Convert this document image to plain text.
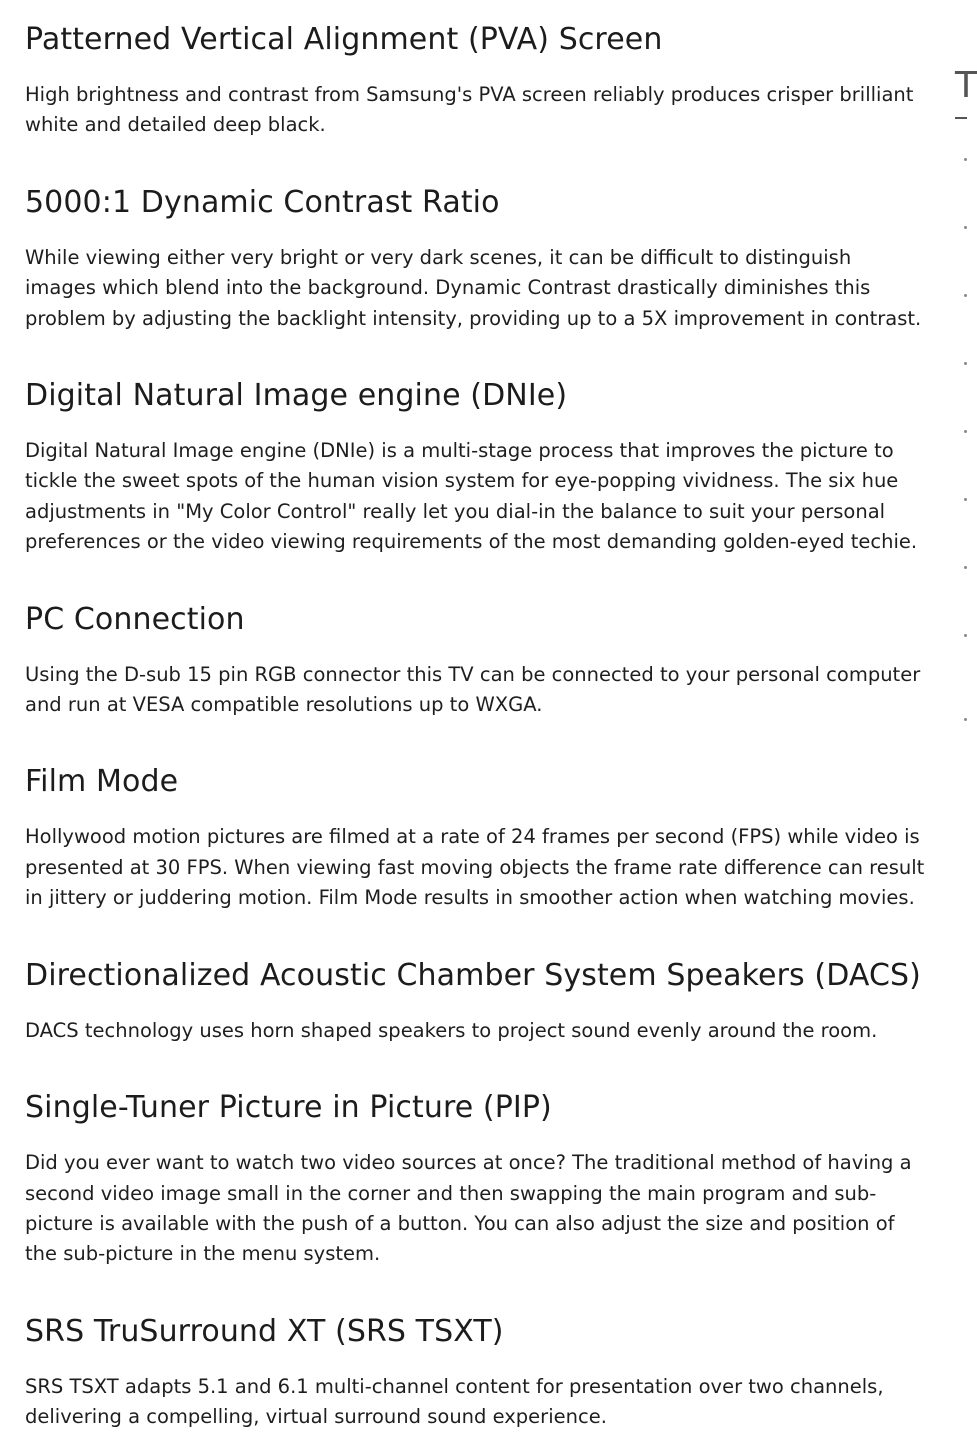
Patterned Vertical Alignment (PVA) Screen

High brightness and contrast from Samsung's PVA screen reliably produces crisper brilliant white and detailed deep black.

5000:1 Dynamic Contrast Ratio

While viewing either very bright or very dark scenes, it can be difficult to distinguish images which blend into the background. Dynamic Contrast drastically diminishes this problem by adjusting the backlight intensity, providing up to a 5X improvement in contrast.

Digital Natural Image engine (DNIe)

Digital Natural Image engine (DNIe) is a multi-stage process that improves the picture to tickle the sweet spots of the human vision system for eye-popping vividness. The six hue adjustments in "My Color Control" really let you dial-in the balance to suit your personal preferences or the video viewing requirements of the most demanding golden-eyed techie.

PC Connection

Using the D-sub 15 pin RGB connector this TV can be connected to your personal computer and run at VESA compatible resolutions up to WXGA.

Film Mode

Hollywood motion pictures are filmed at a rate of 24 frames per second (FPS) while video is presented at 30 FPS. When viewing fast moving objects the frame rate difference can result in jittery or juddering motion. Film Mode results in smoother action when watching movies.

Directionalized Acoustic Chamber System Speakers (DACS)

DACS technology uses horn shaped speakers to project sound evenly around the room.

Single-Tuner Picture in Picture (PIP)

Did you ever want to watch two video sources at once? The traditional method of having a second video image small in the corner and then swapping the main program and sub-picture is available with the push of a button. You can also adjust the size and position of the sub-picture in the menu system.

SRS TruSurround XT (SRS TSXT)

SRS TSXT adapts 5.1 and 6.1 multi-channel content for presentation over two channels, delivering a compelling, virtual surround sound experience.

T
